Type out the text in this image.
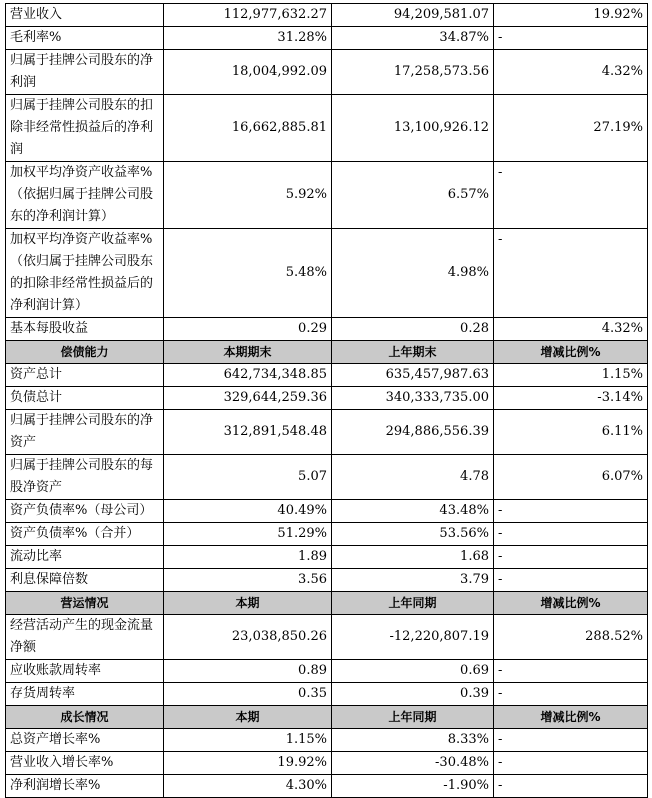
营业收入	112,977,632.27	94,209,581.07	19.92%
毛利率%	31.28%	34.87%	-
归属于挂牌公司股东的净利润	18,004,992.09	17,258,573.56	4.32%
归属于挂牌公司股东的扣除非经常性损益后的净利润	16,662,885.81	13,100,926.12	27.19%
加权平均净资产收益率%（依据归属于挂牌公司股东的净利润计算）	5.92%	6.57%	-
加权平均净资产收益率%（依归属于挂牌公司股东的扣除非经常性损益后的净利润计算）	5.48%	4.98%	-
基本每股收益	0.29	0.28	4.32%
偿债能力	本期期末	上年期末	增减比例%
资产总计	642,734,348.85	635,457,987.63	1.15%
负债总计	329,644,259.36	340,333,735.00	-3.14%
归属于挂牌公司股东的净资产	312,891,548.48	294,886,556.39	6.11%
归属于挂牌公司股东的每股净资产	5.07	4.78	6.07%
资产负债率%（母公司）	40.49%	43.48%	-
资产负债率%（合并）	51.29%	53.56%	-
流动比率	1.89	1.68	-
利息保障倍数	3.56	3.79	-
营运情况	本期	上年同期	增减比例%
经营活动产生的现金流量净额	23,038,850.26	-12,220,807.19	288.52%
应收账款周转率	0.89	0.69	-
存货周转率	0.35	0.39	-
成长情况	本期	上年同期	增减比例%
总资产增长率%	1.15%	8.33%	-
营业收入增长率%	19.92%	-30.48%	-
净利润增长率%	4.30%	-1.90%	-
